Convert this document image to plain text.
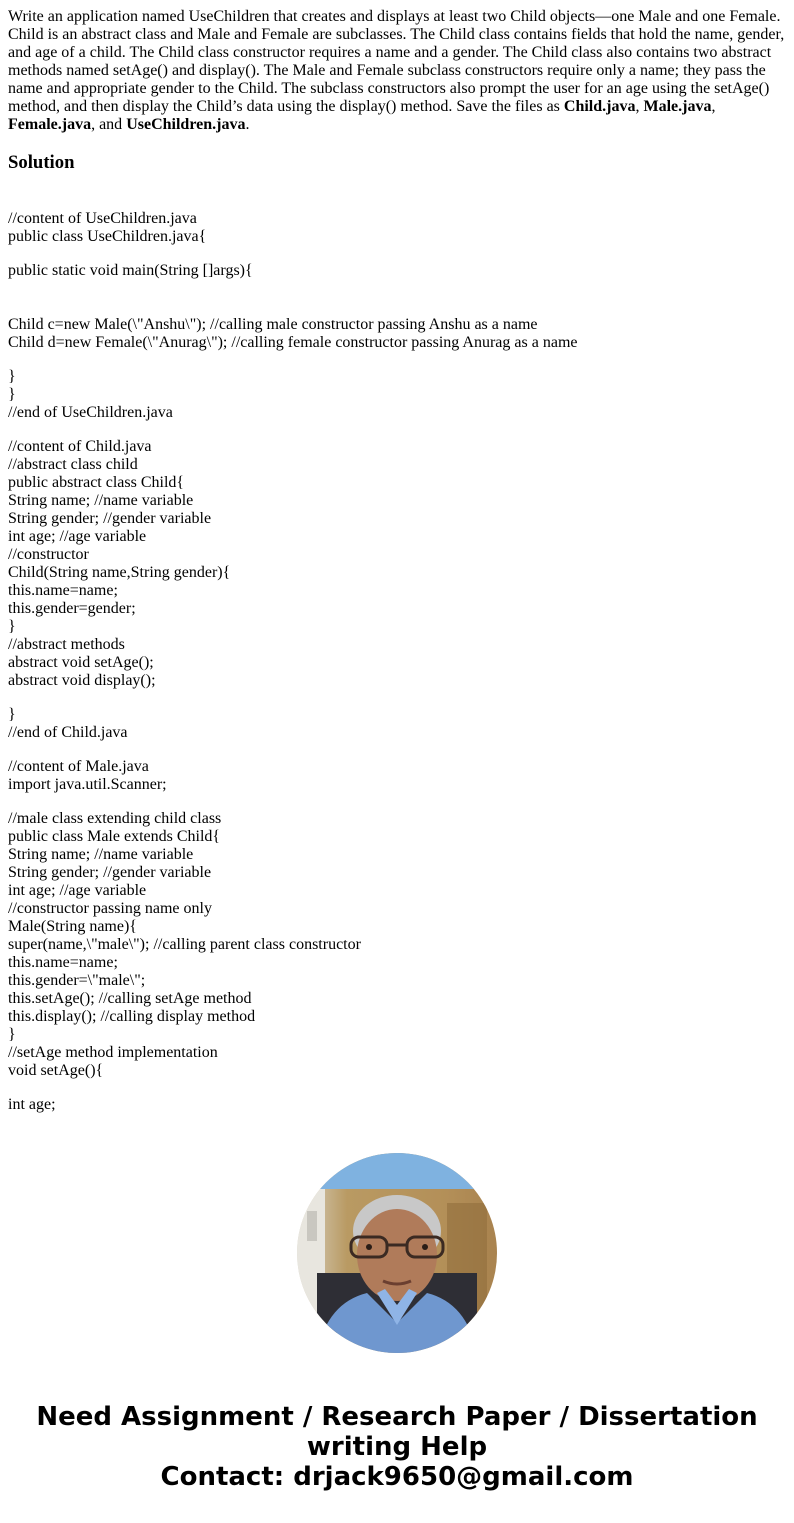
Write an application named UseChildren that creates and displays at least two Child objects—one Male and one Female. Child is an abstract class and Male and Female are subclasses. The Child class contains fields that hold the name, gender, and age of a child. The Child class constructor requires a name and a gender. The Child class also contains two abstract methods named setAge() and display(). The Male and Female subclass constructors require only a name; they pass the name and appropriate gender to the Child. The subclass constructors also prompt the user for an age using the setAge() method, and then display the Child’s data using the display() method. Save the files as Child.java, Male.java, Female.java, and UseChildren.java.

Solution
//content of UseChildren.java
public class UseChildren.java{
public static void main(String []args){
Child c=new Male(\"Anshu\"); //calling male constructor passing Anshu as a name
Child d=new Female(\"Anurag\"); //calling female constructor passing Anurag as a name
}
}
//end of UseChildren.java
//content of Child.java
//abstract class child
public abstract class Child{
String name; //name variable
String gender; //gender variable
int age; //age variable
//constructor
Child(String name,String gender){
this.name=name;
this.gender=gender;
}
//abstract methods
abstract void setAge();
abstract void display();
}
//end of Child.java
//content of Male.java
import java.util.Scanner;
//male class extending child class
public class Male extends Child{
String name; //name variable
String gender; //gender variable
int age; //age variable
//constructor passing name only
Male(String name){
super(name,\"male\"); //calling parent class constructor
this.name=name;
this.gender=\"male\";
this.setAge(); //calling setAge method
this.display(); //calling display method
}
//setAge method implementation
void setAge(){
int age;
Need Assignment / Research Paper / Dissertation
writing Help
Contact: drjack9650@gmail.com
